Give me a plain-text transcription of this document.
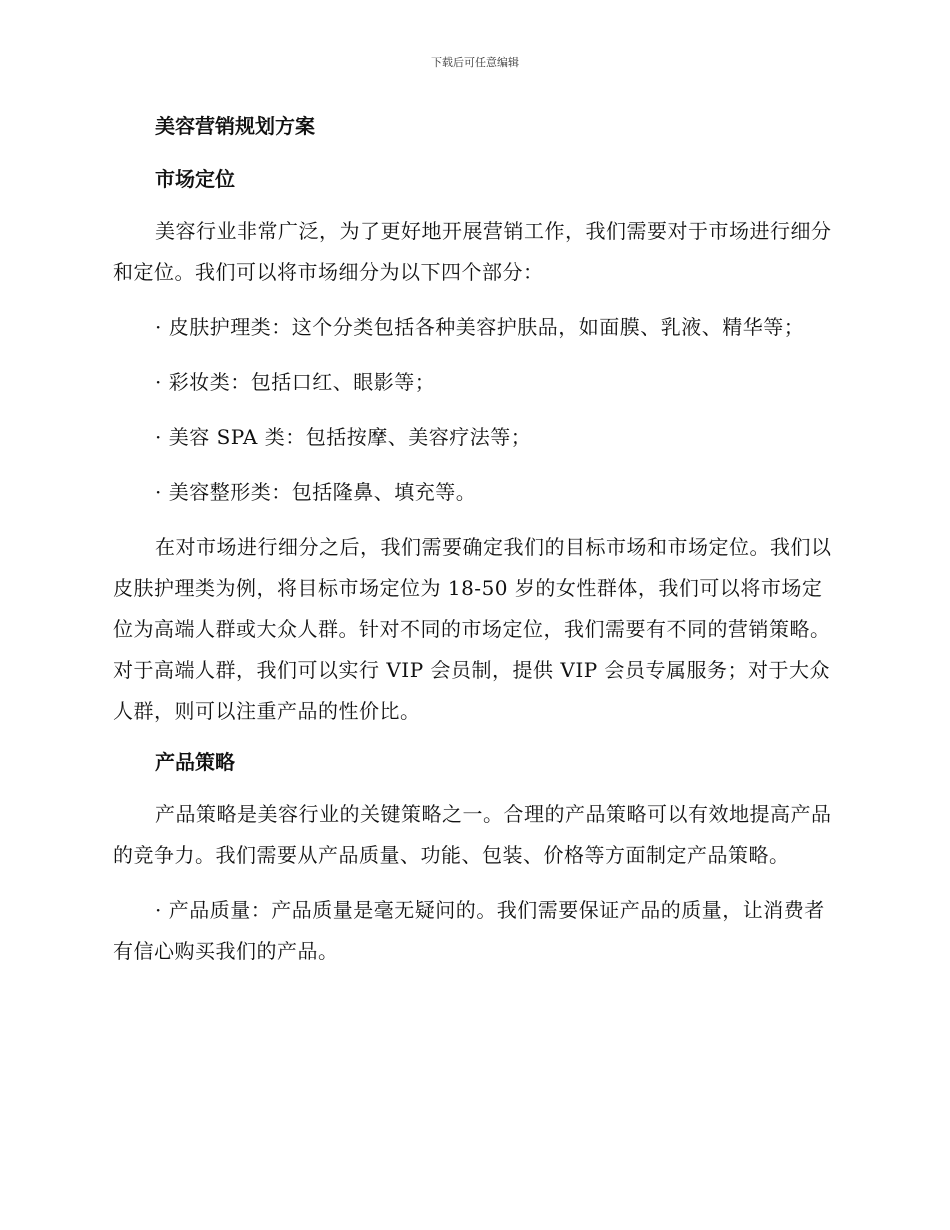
下载后可任意编辑
美容营销规划方案
市场定位

美容行业非常广泛，为了更好地开展营销工作，我们需要对于市场进行细分和定位。我们可以将市场细分为以下四个部分：

· 皮肤护理类：这个分类包括各种美容护肤品，如面膜、乳液、精华等；

· 彩妆类：包括口红、眼影等；

· 美容 SPA 类：包括按摩、美容疗法等；

· 美容整形类：包括隆鼻、填充等。

在对市场进行细分之后，我们需要确定我们的目标市场和市场定位。我们以皮肤护理类为例，将目标市场定位为 18-50 岁的女性群体，我们可以将市场定位为高端人群或大众人群。针对不同的市场定位，我们需要有不同的营销策略。对于高端人群，我们可以实行 VIP 会员制，提供 VIP 会员专属服务；对于大众人群，则可以注重产品的性价比。

产品策略

产品策略是美容行业的关键策略之一。合理的产品策略可以有效地提高产品的竞争力。我们需要从产品质量、功能、包装、价格等方面制定产品策略。

· 产品质量：产品质量是毫无疑问的。我们需要保证产品的质量，让消费者有信心购买我们的产品。
